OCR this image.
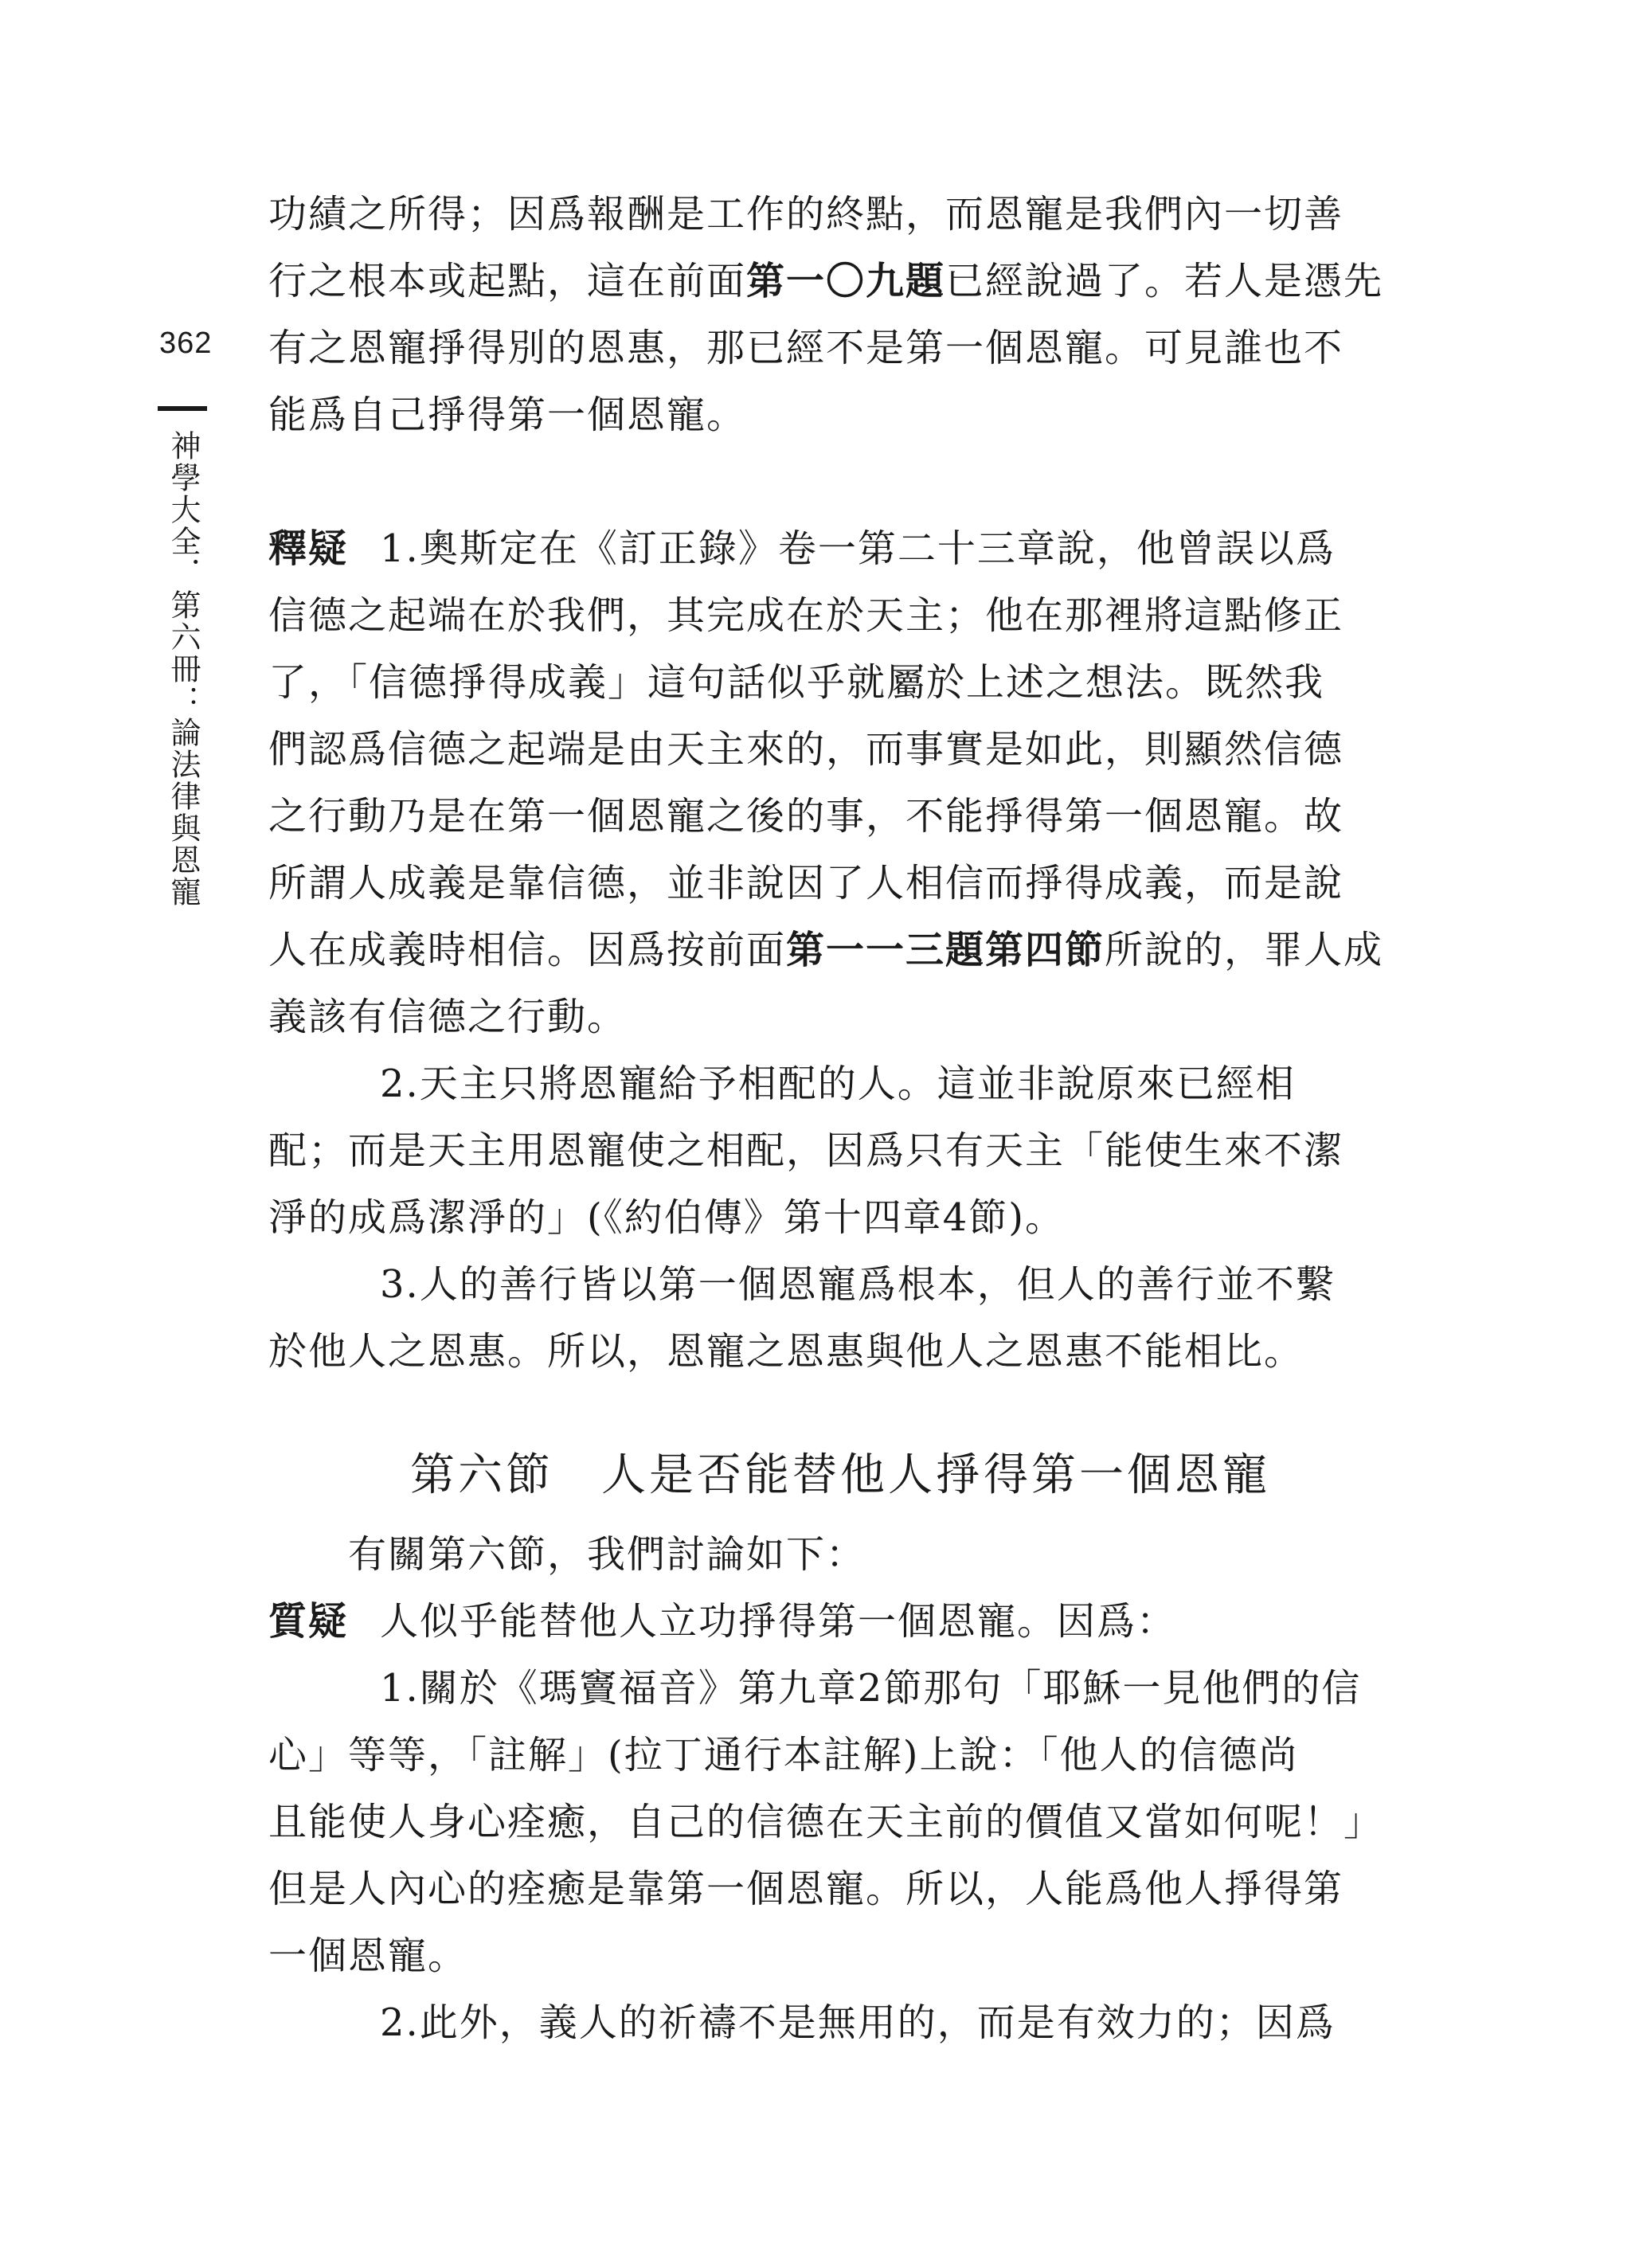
362
神學大全．第六冊：論法律與恩寵
功績之所得；因爲報酬是工作的終點，而恩寵是我們內一切善
行之根本或起點，這在前面第一〇九題已經說過了。若人是憑先
有之恩寵掙得別的恩惠，那已經不是第一個恩寵。可見誰也不
能爲自己掙得第一個恩寵。
釋疑 1.奧斯定在《訂正錄》卷一第二十三章說，他曾誤以爲
信德之起端在於我們，其完成在於天主；他在那裡將這點修正
了，「信德掙得成義」這句話似乎就屬於上述之想法。既然我
們認爲信德之起端是由天主來的，而事實是如此，則顯然信德
之行動乃是在第一個恩寵之後的事，不能掙得第一個恩寵。故
所謂人成義是靠信德，並非說因了人相信而掙得成義，而是說
人在成義時相信。因爲按前面第一一三題第四節所說的，罪人成
義該有信德之行動。
2.天主只將恩寵給予相配的人。這並非說原來已經相
配；而是天主用恩寵使之相配，因爲只有天主「能使生來不潔
淨的成爲潔淨的」(《約伯傳》第十四章4節)。
3.人的善行皆以第一個恩寵爲根本，但人的善行並不繫
於他人之恩惠。所以，恩寵之恩惠與他人之恩惠不能相比。
第六節 人是否能替他人掙得第一個恩寵
有關第六節，我們討論如下：
質疑 人似乎能替他人立功掙得第一個恩寵。因爲：
1.關於《瑪竇福音》第九章2節那句「耶穌一見他們的信
心」等等，「註解」(拉丁通行本註解)上說：「他人的信德尚
且能使人身心痊癒，自己的信德在天主前的價值又當如何呢！」
但是人內心的痊癒是靠第一個恩寵。所以，人能爲他人掙得第
一個恩寵。
2.此外，義人的祈禱不是無用的，而是有效力的；因爲
